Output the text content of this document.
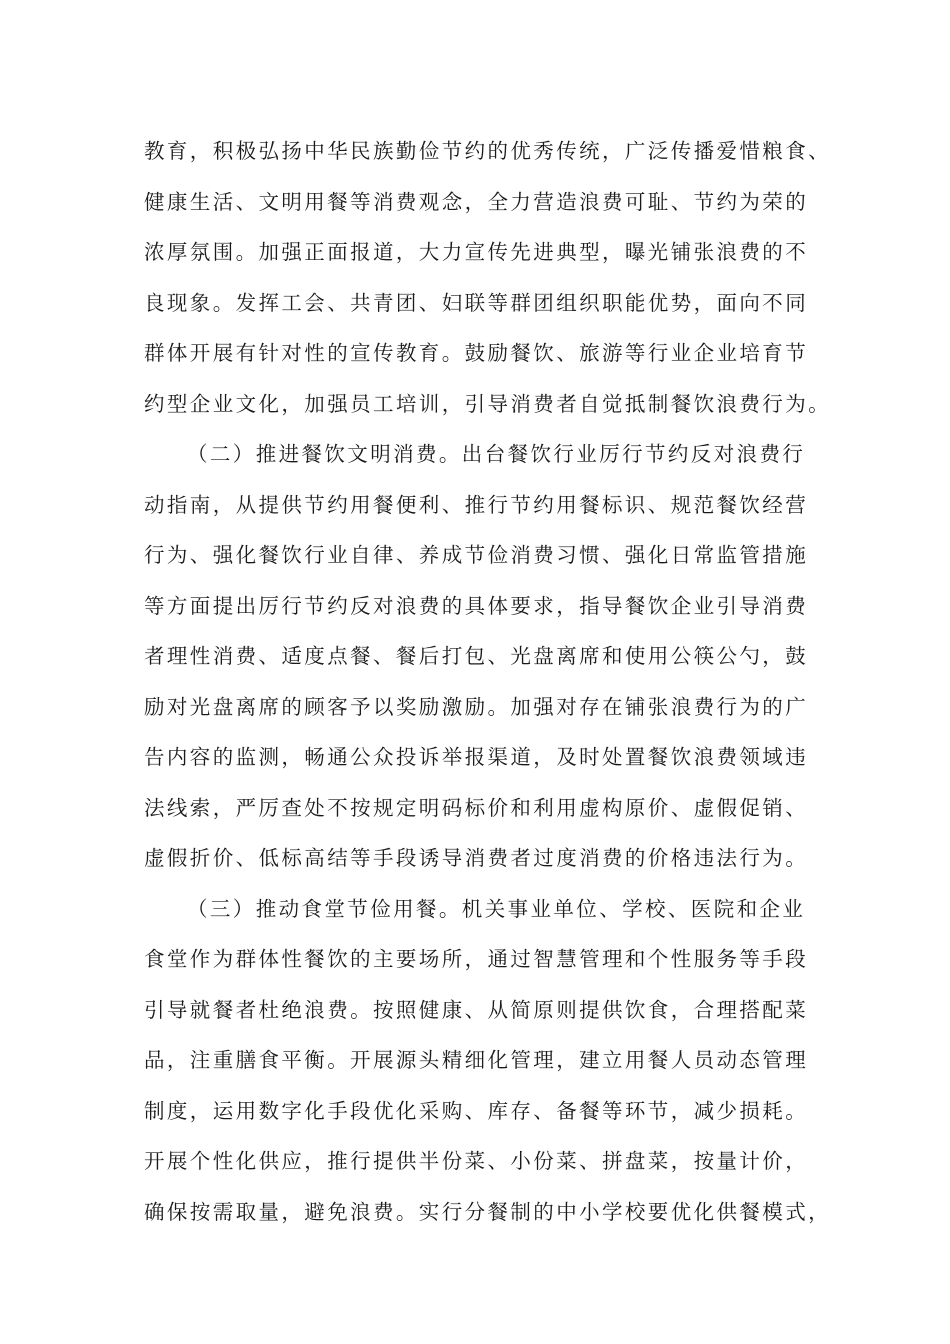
教育，积极弘扬中华民族勤俭节约的优秀传统，广泛传播爱惜粮食、
健康生活、文明用餐等消费观念，全力营造浪费可耻、节约为荣的
浓厚氛围。加强正面报道，大力宣传先进典型，曝光铺张浪费的不
良现象。发挥工会、共青团、妇联等群团组织职能优势，面向不同
群体开展有针对性的宣传教育。鼓励餐饮、旅游等行业企业培育节
约型企业文化，加强员工培训，引导消费者自觉抵制餐饮浪费行为。
（二）推进餐饮文明消费。出台餐饮行业厉行节约反对浪费行
动指南，从提供节约用餐便利、推行节约用餐标识、规范餐饮经营
行为、强化餐饮行业自律、养成节俭消费习惯、强化日常监管措施
等方面提出厉行节约反对浪费的具体要求，指导餐饮企业引导消费
者理性消费、适度点餐、餐后打包、光盘离席和使用公筷公勺，鼓
励对光盘离席的顾客予以奖励激励。加强对存在铺张浪费行为的广
告内容的监测，畅通公众投诉举报渠道，及时处置餐饮浪费领域违
法线索，严厉查处不按规定明码标价和利用虚构原价、虚假促销、
虚假折价、低标高结等手段诱导消费者过度消费的价格违法行为。
（三）推动食堂节俭用餐。机关事业单位、学校、医院和企业
食堂作为群体性餐饮的主要场所，通过智慧管理和个性服务等手段
引导就餐者杜绝浪费。按照健康、从简原则提供饮食，合理搭配菜
品，注重膳食平衡。开展源头精细化管理，建立用餐人员动态管理
制度，运用数字化手段优化采购、库存、备餐等环节，减少损耗。
开展个性化供应，推行提供半份菜、小份菜、拼盘菜，按量计价，
确保按需取量，避免浪费。实行分餐制的中小学校要优化供餐模式，
